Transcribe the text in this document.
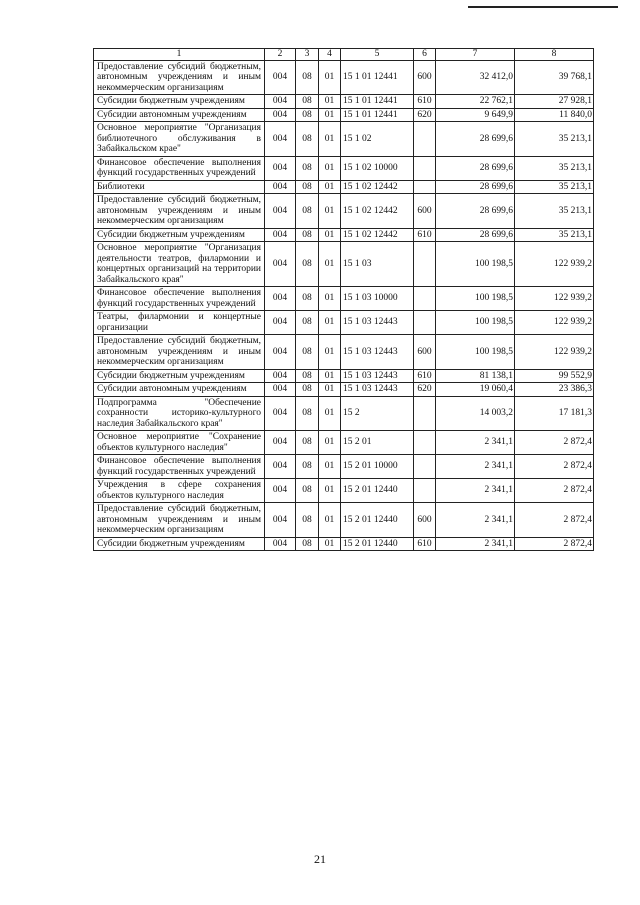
1	2	3	4	5	6	7	8
Предоставление субсидий бюджетным, автономным учреждениям и иным некоммерческим организациям	004	08	01	15 1 01 12441	600	32 412,0	39 768,1
Субсидии бюджетным учреждениям	004	08	01	15 1 01 12441	610	22 762,1	27 928,1
Субсидии автономным учреждениям	004	08	01	15 1 01 12441	620	9 649,9	11 840,0
Основное мероприятие "Организация библиотечного обслуживания в Забайкальском крае"	004	08	01	15 1 02		28 699,6	35 213,1
Финансовое обеспечение выполнения функций государственных учреждений	004	08	01	15 1 02 10000		28 699,6	35 213,1
Библиотеки	004	08	01	15 1 02 12442		28 699,6	35 213,1
Предоставление субсидий бюджетным, автономным учреждениям и иным некоммерческим организациям	004	08	01	15 1 02 12442	600	28 699,6	35 213,1
Субсидии бюджетным учреждениям	004	08	01	15 1 02 12442	610	28 699,6	35 213,1
Основное мероприятие "Организация деятельности театров, филармонии и концертных организаций на территории Забайкальского края"	004	08	01	15 1 03		100 198,5	122 939,2
Финансовое обеспечение выполнения функций государственных учреждений	004	08	01	15 1 03 10000		100 198,5	122 939,2
Театры, филармонии и концертные организации	004	08	01	15 1 03 12443		100 198,5	122 939,2
Предоставление субсидий бюджетным, автономным учреждениям и иным некоммерческим организациям	004	08	01	15 1 03 12443	600	100 198,5	122 939,2
Субсидии бюджетным учреждениям	004	08	01	15 1 03 12443	610	81 138,1	99 552,9
Субсидии автономным учреждениям	004	08	01	15 1 03 12443	620	19 060,4	23 386,3
Подпрограмма "Обеспечение сохранности историко-культурного наследия Забайкальского края"	004	08	01	15 2		14 003,2	17 181,3
Основное мероприятие "Сохранение объектов культурного наследия"	004	08	01	15 2 01		2 341,1	2 872,4
Финансовое обеспечение выполнения функций государственных учреждений	004	08	01	15 2 01 10000		2 341,1	2 872,4
Учреждения в сфере сохранения объектов культурного наследия	004	08	01	15 2 01 12440		2 341,1	2 872,4
Предоставление субсидий бюджетным, автономным учреждениям и иным некоммерческим организациям	004	08	01	15 2 01 12440	600	2 341,1	2 872,4
Субсидии бюджетным учреждениям	004	08	01	15 2 01 12440	610	2 341,1	2 872,4
21
